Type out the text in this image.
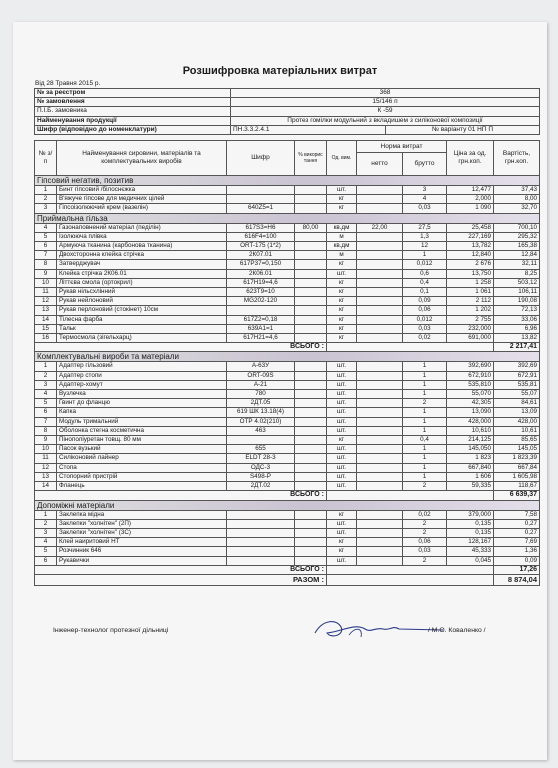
Розшифровка матеріальних витрат
Від 28 Травня 2015 р.
№ за реєстром	368	
№ замовлення	15/146 п	
П.І.Б. замовника	К -59	
Найменування продукції	Протез гомілки модульний з вкладишем з силіконової композиції	
Шифр (відповідно до номенклатури)	ПН.3.3.2.4.1	№ варіанту 01 НП П
№ з/п	Найменування сировини, матеріалів та комплектувальних виробів	Шифр	% викорис тання	Од. вим.	Норма витрат		Ціна за од. грн.коп.	Вартість, грн.коп.
					нетто	брутто		
Гіпсовий негатив, позитив								
1	Бинт гіпсовий /білоснєжка			шт.		3	12,477	37,43
2	В'яжуче гіпсове для медичних цілей			кг		4	2,000	8,00
3	Гіпсоізолюючий крем (вазелін)	640Z5=1		кг		0,03	1 090	32,70
Приймальна гільза								
4	Газонаповнений матеріал (педілін)	617S3=H6	80,00	кв.дм	22,00	27,5	25,458	700,10
5	Ізолююча плівка	616F4=100		м		1,3	227,169	295,32
6	Армуюча тканина (карбонова тканина)	ORT-175 (1*2)		кв.дм		12	13,782	165,38
7	Двохсторонна клейка стрічка	2К07.01		м		1	12,840	12,84
8	Затверджувач	617P37=0,150		кг		0,012	2 676	32,11
9	Клейка стрічка 2К06.01	2К06.01		шт.		0,6	13,750	8,25
10	Літтєва смола (ортокрил)	617H19=4,6		кг		0,4	1 258	503,12
11	Рукав нільсхлінний	623T9=10		кг		0,1	1 061	106,11
12	Рукав нейлоновий	MG202-120		кг		0,09	2 112	190,08
13	Рукав перлоновий (стокінет) 10см			кг		0,06	1 202	72,13
14	Тілесна фарба	617Z2=0,18		кг		0,012	2 755	33,06
15	Тальк	639A1=1		кг		0,03	232,000	6,96
16	Термосмола (зігельхарц)	617H21=4,6		кг		0,02	691,000	13,82
ВСЬОГО :								2 217,41
Комплектувальні вироби та матеріали								
1	Адаптер гільзовий	А-63У		шт.		1	392,690	392,69
2	Адаптер стопи	ORT-09S		шт.		1	672,910	672,91
3	Адаптер-хомут	А-21		шт.		1	535,810	535,81
4	Вузлечка	780		шт.		1	55,070	55,07
5	Гвинт до фланцю	2ДТ.05		шт.		2	42,305	84,61
6	Капка	619 ШК 13.18(4)		шт.		1	13,090	13,09
7	Модуль тримальний	ОТР 4.02(210)		шт.		1	428,000	428,00
8	Оболонка стегна косметична	463		шт.		1	10,610	10,61
9	Пінополіуретан товщ. 80 мм			кг		0,4	214,125	85,65
10	Пасок вузький	655		шт.		1	145,050	145,05
11	Силіконовий лайнер	ELDT 28-3		шт.		1	1 823	1 823,39
12	Стопа	ОДС-3		шт.		1	667,840	667,84
13	Стопорний пристрій	S498-P		шт.		1	1 606	1 605,98
14	Фланець	2ДТ.02		шт.		2	59,335	118,67
ВСЬОГО :								6 639,37
Допоміжні матеріали								
1	Заклепка мідна			кг		0,02	379,000	7,58
2	Заклепки "холнітен" (2П)			шт.		2	0,135	0,27
3	Заклепки "холнітен" (3С)			шт.		2	0,135	0,27
4	Клей наиритовий НТ			кг		0,06	128,167	7,69
5	Розчинник 646			кг		0,03	45,333	1,36
6	Рукавички			шт.		2	0,045	0,09
ВСЬОГО :								17,26
РАЗОМ :								8 874,04
Інженер-технолог протезної дільниці	/ М.О. Коваленко /
